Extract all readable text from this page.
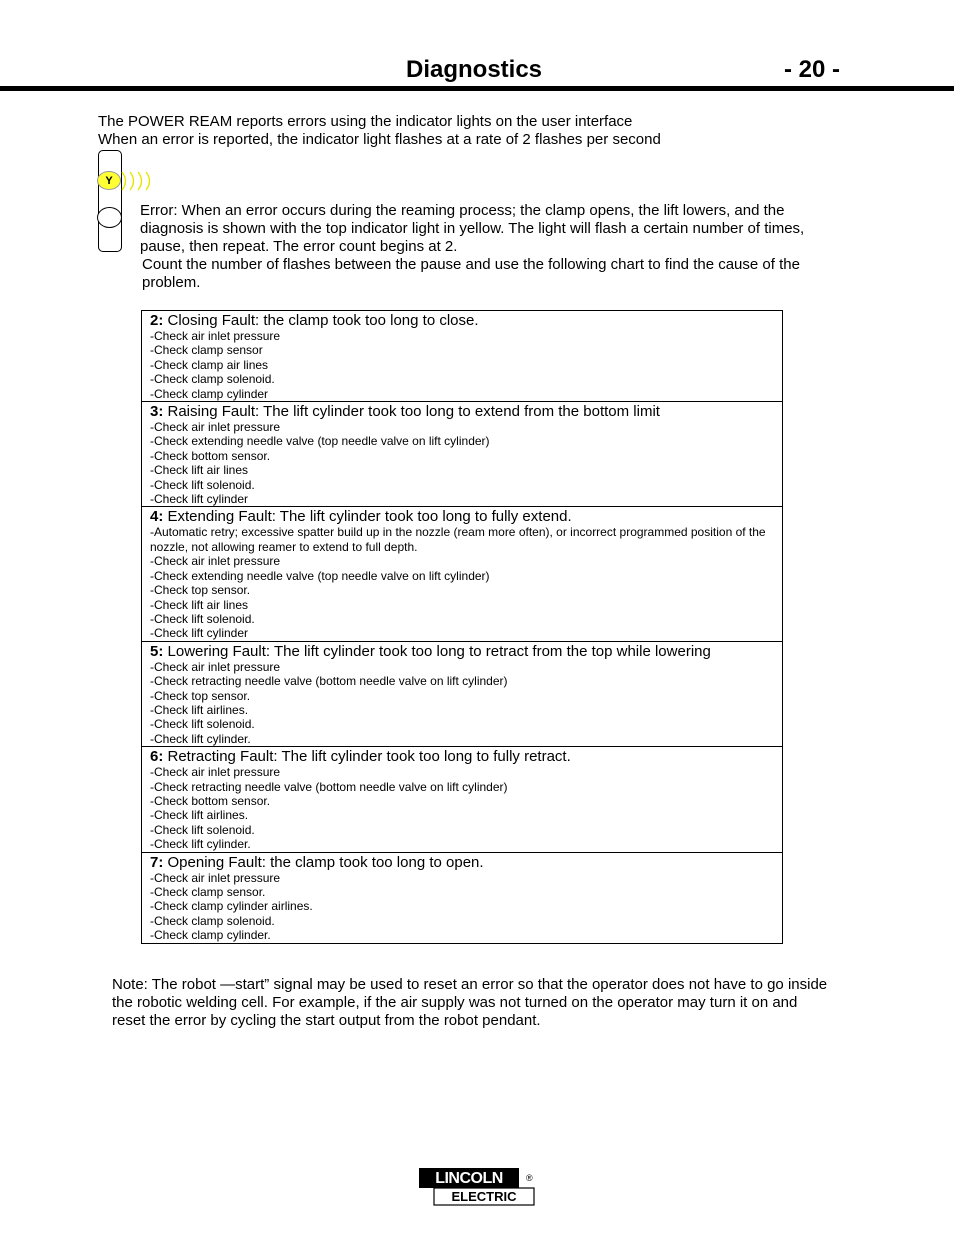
Diagnostics	- 20 -
The POWER REAM reports errors using the indicator lights on the user interface
When an error is reported, the indicator light flashes at a rate of 2 flashes per second
Y
Error: When an error occurs during the reaming process; the clamp opens, the lift lowers, and the diagnosis is shown with the top indicator light in yellow. The light will flash a certain number of times, pause, then repeat. The error count begins at 2.
Count the number of flashes between the pause and use the following chart to find the cause of the problem.
2: Closing Fault: the clamp took too long to close.
-Check air inlet pressure
-Check clamp sensor
-Check clamp air lines
-Check clamp solenoid.
-Check clamp cylinder
3: Raising Fault: The lift cylinder took too long to extend from the bottom limit
-Check air inlet pressure
-Check extending needle valve (top needle valve on lift cylinder)
-Check bottom sensor.
-Check lift air lines
-Check lift solenoid.
-Check lift cylinder
4: Extending Fault: The lift cylinder took too long to fully extend.
-Automatic retry; excessive spatter build up in the nozzle (ream more often), or incorrect programmed position of the nozzle, not allowing reamer to extend to full depth.
-Check air inlet pressure
-Check extending needle valve (top needle valve on lift cylinder)
-Check top sensor.
-Check lift air lines
-Check lift solenoid.
-Check lift cylinder
5: Lowering Fault: The lift cylinder took too long to retract from the top while lowering
-Check air inlet pressure
-Check retracting needle valve (bottom needle valve on lift cylinder)
-Check top sensor.
-Check lift airlines.
-Check lift solenoid.
-Check lift cylinder.
6: Retracting Fault: The lift cylinder took too long to fully retract.
-Check air inlet pressure
-Check retracting needle valve (bottom needle valve on lift cylinder)
-Check bottom sensor.
-Check lift airlines.
-Check lift solenoid.
-Check lift cylinder.
7: Opening Fault: the clamp took too long to open.
-Check air inlet pressure
-Check clamp sensor.
-Check clamp cylinder airlines.
-Check clamp solenoid.
-Check clamp cylinder.
Note: The robot —start” signal may be used to reset an error so that the operator does not have to go inside the robotic welding cell. For example, if the air supply was not turned on the operator may turn it on and reset the error by cycling the start output from the robot pendant.
LINCOLN	®
ELECTRIC
